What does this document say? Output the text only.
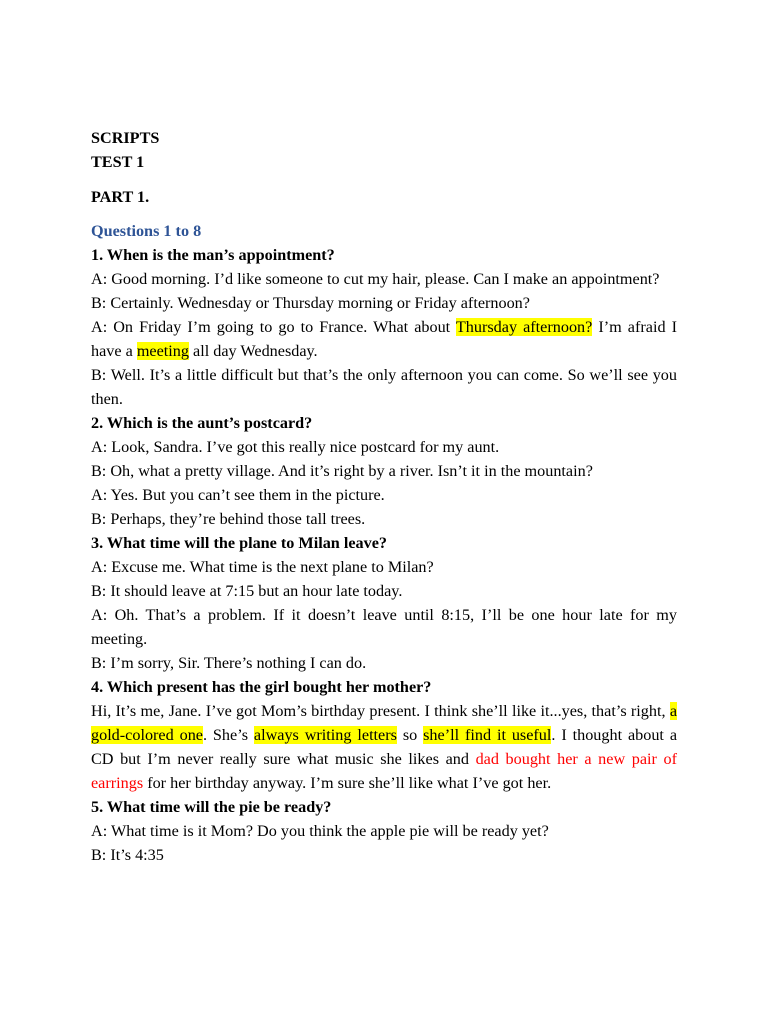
SCRIPTS
TEST 1
PART 1.
Questions 1 to 8
1. When is the man’s appointment?

A: Good morning. I’d like someone to cut my hair, please. Can I make an appointment?

B: Certainly. Wednesday or Thursday morning or Friday afternoon?

A: On Friday I’m going to go to France. What about Thursday afternoon? I’m afraid I have a meeting all day Wednesday.

B: Well. It’s a little difficult but that’s the only afternoon you can come. So we’ll see you then.

2. Which is the aunt’s postcard?

A: Look, Sandra. I’ve got this really nice postcard for my aunt.

B: Oh, what a pretty village. And it’s right by a river. Isn’t it in the mountain?

A: Yes. But you can’t see them in the picture.

B: Perhaps, they’re behind those tall trees.

3. What time will the plane to Milan leave?

A: Excuse me. What time is the next plane to Milan?

B: It should leave at 7:15 but an hour late today.

A: Oh. That’s a problem. If it doesn’t leave until 8:15, I’ll be one hour late for my meeting.

B: I’m sorry, Sir. There’s nothing I can do.

4. Which present has the girl bought her mother?

Hi, It’s me, Jane. I’ve got Mom’s birthday present. I think she’ll like it...yes, that’s right, a gold-colored one. She’s always writing letters so she’ll find it useful. I thought about a CD but I’m never really sure what music she likes and dad bought her a new pair of earrings for her birthday anyway. I’m sure she’ll like what I’ve got her.

5. What time will the pie be ready?

A: What time is it Mom? Do you think the apple pie will be ready yet?

B: It’s 4:35
